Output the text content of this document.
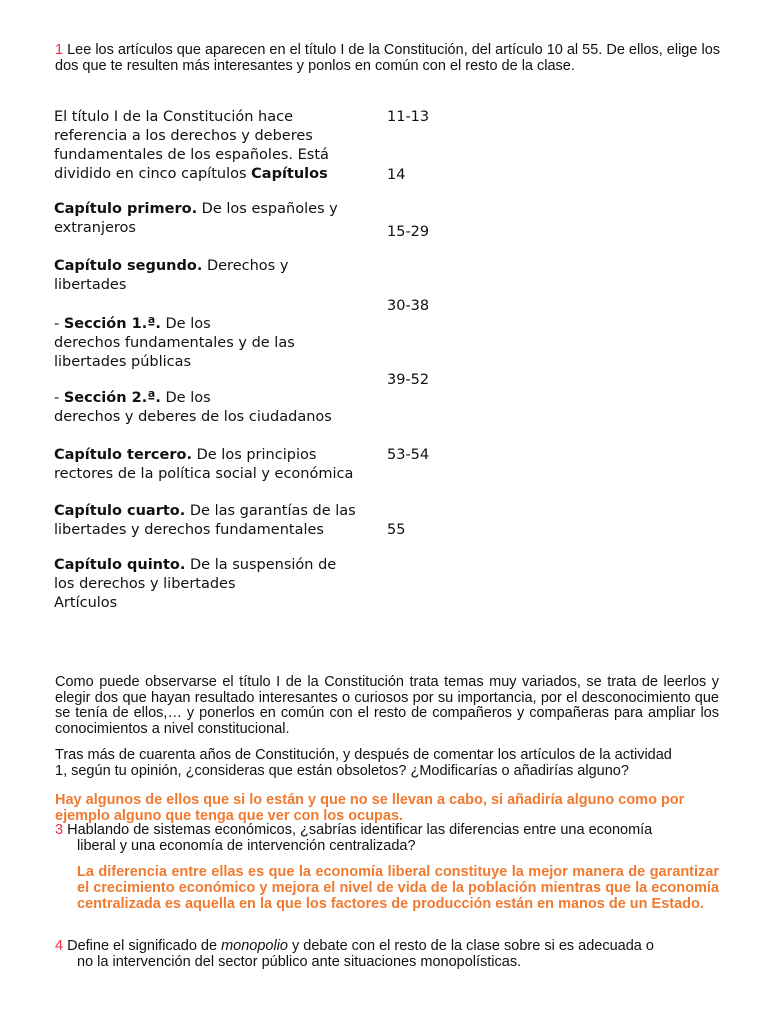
1 Lee los artículos que aparecen en el título I de la Constitución, del artículo 10 al 55. De ellos, elige los dos que te resulten más interesantes y ponlos en común con el resto de la clase.
El título I de la Constitución hace
referencia a los derechos y deberes
fundamentales de los españoles. Está
dividido en cinco capítulos Capítulos
Capítulo primero. De los españoles y
extranjeros
Capítulo segundo. Derechos y
libertades
- Sección 1.ª. De los
derechos fundamentales y de las
libertades públicas
- Sección 2.ª. De los
derechos y deberes de los ciudadanos
Capítulo tercero. De los principios
rectores de la política social y económica
Capítulo cuarto. De las garantías de las
libertades y derechos fundamentales
Capítulo quinto. De la suspensión de
los derechos y libertades
Artículos
11-13
14
15-29
30-38
39-52
53-54
55
Como puede observarse el título I de la Constitución trata temas muy variados, se trata de leerlos y elegir dos que hayan resultado interesantes o curiosos por su importancia, por el desconocimiento que se tenía de ellos,… y ponerlos en común con el resto de compañeros y compañeras para ampliar los conocimientos a nivel constitucional.
Tras más de cuarenta años de Constitución, y después de comentar los artículos de la actividad
1, según tu opinión, ¿consideras que están obsoletos? ¿Modificarías o añadirías alguno?
Hay algunos de ellos que si lo están y que no se llevan a cabo, si añadiría alguno como por ejemplo alguno que tenga que ver con los ocupas.
3 Hablando de sistemas económicos, ¿sabrías identificar las diferencias entre una economía
liberal y una economía de intervención centralizada?
La diferencia entre ellas es que la economía liberal constituye la mejor manera de garantizar el crecimiento económico y mejora el nivel de vida de la población mientras que la economía centralizada es aquella en la que los factores de producción están en manos de un Estado.
4 Define el significado de monopolio y debate con el resto de la clase sobre si es adecuada o
no la intervención del sector público ante situaciones monopolísticas.
